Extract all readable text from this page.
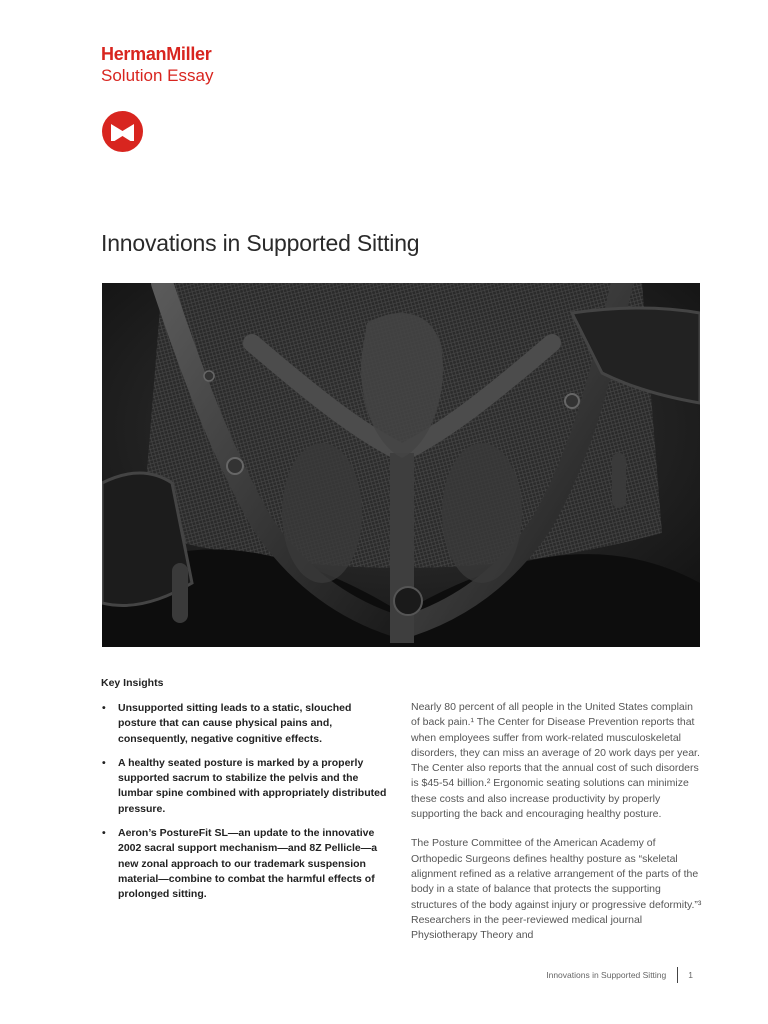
HermanMiller
Solution Essay
Innovations in Supported Sitting
Key Insights
• Unsupported sitting leads to a static, slouched posture that can cause physical pains and, consequently, negative cognitive effects.
• A healthy seated posture is marked by a properly supported sacrum to stabilize the pelvis and the lumbar spine combined with appropriately distributed pressure.
• Aeron’s PostureFit SL—an update to the innovative 2002 sacral support mechanism—and 8Z Pellicle—a new zonal approach to our trademark suspension material—combine to combat the harmful effects of prolonged sitting.

Nearly 80 percent of all people in the United States complain of back pain.¹ The Center for Disease Prevention reports that when employees suffer from work-related musculoskeletal disorders, they can miss an average of 20 work days per year. The Center also reports that the annual cost of such disorders is $45-54 billion.² Ergonomic seating solutions can minimize these costs and also increase productivity by properly supporting the back and encouraging healthy posture.

The Posture Committee of the American Academy of Orthopedic Surgeons defines healthy posture as “skeletal alignment refined as a relative arrangement of the parts of the body in a state of balance that protects the supporting structures of the body against injury or progressive deformity.”³ Researchers in the peer-reviewed medical journal Physiotherapy Theory and

Innovations in Supported Sitting	1
